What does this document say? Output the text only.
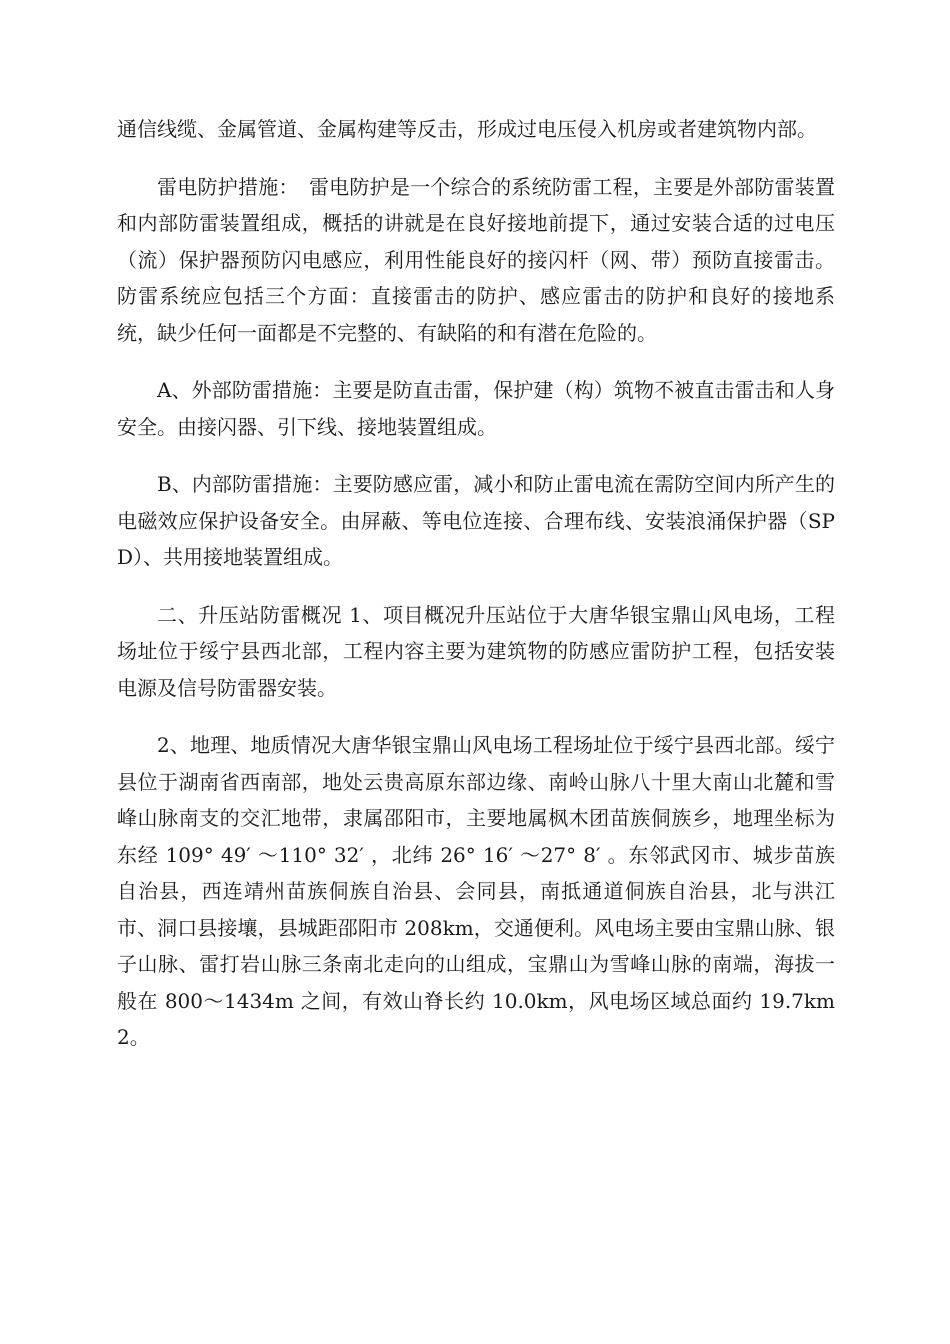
通信线缆、金属管道、金属构建等反击，形成过电压侵入机房或者建筑物内部。

雷电防护措施：　雷电防护是一个综合的系统防雷工程，主要是外部防雷装置和内部防雷装置组成，概括的讲就是在良好接地前提下，通过安装合适的过电压（流）保护器预防闪电感应，利用性能良好的接闪杆（网、带）预防直接雷击。防雷系统应包括三个方面：直接雷击的防护、感应雷击的防护和良好的接地系统，缺少任何一面都是不完整的、有缺陷的和有潜在危险的。

A、外部防雷措施：主要是防直击雷，保护建（构）筑物不被直击雷击和人身安全。由接闪器、引下线、接地装置组成。

B、内部防雷措施：主要防感应雷，减小和防止雷电流在需防空间内所产生的电磁效应保护设备安全。由屏蔽、等电位连接、合理布线、安装浪涌保护器（SPD）、共用接地装置组成。

二、升压站防雷概况 1、项目概况升压站位于大唐华银宝鼎山风电场，工程场址位于绥宁县西北部，工程内容主要为建筑物的防感应雷防护工程，包括安装电源及信号防雷器安装。

2、地理、地质情况大唐华银宝鼎山风电场工程场址位于绥宁县西北部。绥宁县位于湖南省西南部，地处云贵高原东部边缘、南岭山脉八十里大南山北麓和雪峰山脉南支的交汇地带，隶属邵阳市，主要地属枫木团苗族侗族乡，地理坐标为东经 109° 49′ ～110° 32′ ，北纬 26° 16′ ～27° 8′ 。东邻武冈市、城步苗族自治县，西连靖州苗族侗族自治县、会同县，南抵通道侗族自治县，北与洪江市、洞口县接壤，县城距邵阳市 208km，交通便利。风电场主要由宝鼎山脉、银子山脉、雷打岩山脉三条南北走向的山组成，宝鼎山为雪峰山脉的南端，海拔一般在 800～1434m 之间，有效山脊长约 10.0km，风电场区域总面约 19.7km2。
